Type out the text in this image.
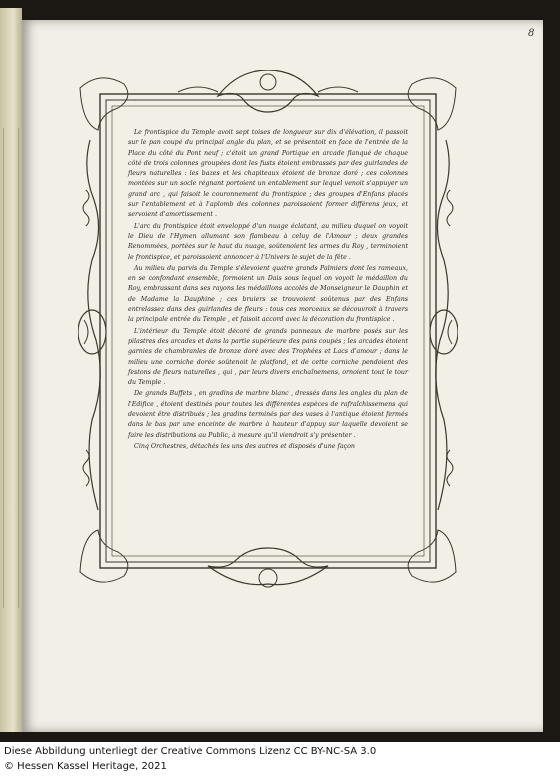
8

Le frontispice du Temple avoit sept toises de longueur sur dix d'élévation, il passoit sur le pan coupé du principal angle du plan, et se présentoit en face de l'entrée de la Place du côté du Pont neuf ; c'étoit un grand Portique en arcade flanqué de chaque côté de trois colonnes groupées dont les fusts étoient embrassés par des guirlandes de fleurs naturelles : les bazes et les chapiteaux étoient de bronze doré ; ces colonnes montées sur un socle régnant portoient un entablement sur lequel venoit s'appuyer un grand arc , qui faisoit le couronnement du frontispice ; des groupes d'Enfans placés sur l'entablement et à l'aplomb des colonnes paroissoient former différens jeux, et servoient d'amortissement .

L'arc du frontispice étoit enveloppé d'un nuage éclatant, au milieu duquel on voyoit le Dieu de l'Hymen allumant son flambeau à celuy de l'Amour ; deux grandes Renommées, portées sur le haut du nuage, soûtenoient les armes du Roy , terminoient le frontispice, et paroissoient annoncer à l'Univers le sujet de la fête .

Au milieu du parvis du Temple s'élevoient quatre grands Palmiers dont les rameaux, en se confondant ensemble, formoient un Dais sous lequel on voyoit le médaillon du Roy, embrassant dans ses rayons les médaillons accolés de Monseigneur le Dauphin et de Madame la Dauphine ; ces bruiers se trouvoient soûtenus par des Enfans entrelassez dans des guirlandes de fleurs : tous ces morceaux se découvroit à travers la principale entrée du Temple , et faisoit accord avec la décoration du frontispice .

L'intérieur du Temple étoit décoré de grands panneaux de marbre posés sur les pilastres des arcades et dans la partie supérieure des pans coupés ; les arcades étoient garnies de chambranles de bronze doré avec des Trophées et Lacs d'amour ; dans le milieu une corniche dorée soûtenoit le platfond, et de cette corniche pendoient des festons de fleurs naturelles , qui , par leurs divers enchaînemens, ornoient tout le tour du Temple .

De grands Buffets , en gradins de marbre blanc , dressés dans les angles du plan de l'Edifice , étoient destinés pour toutes les différentes espèces de rafraîchissemens qui devoient être distribués ; les gradins terminés par des vases à l'antique étoient fermés dans le bas par une enceinte de marbre à hauteur d'appuy sur laquelle devoient se faire les distributions au Public, à mesure qu'il viendroit s'y présenter .

Cinq Orchestres, détachés les uns des autres et disposés d'une façon

Diese Abbildung unterliegt der Creative Commons Lizenz CC BY-NC-SA 3.0
© Hessen Kassel Heritage, 2021
